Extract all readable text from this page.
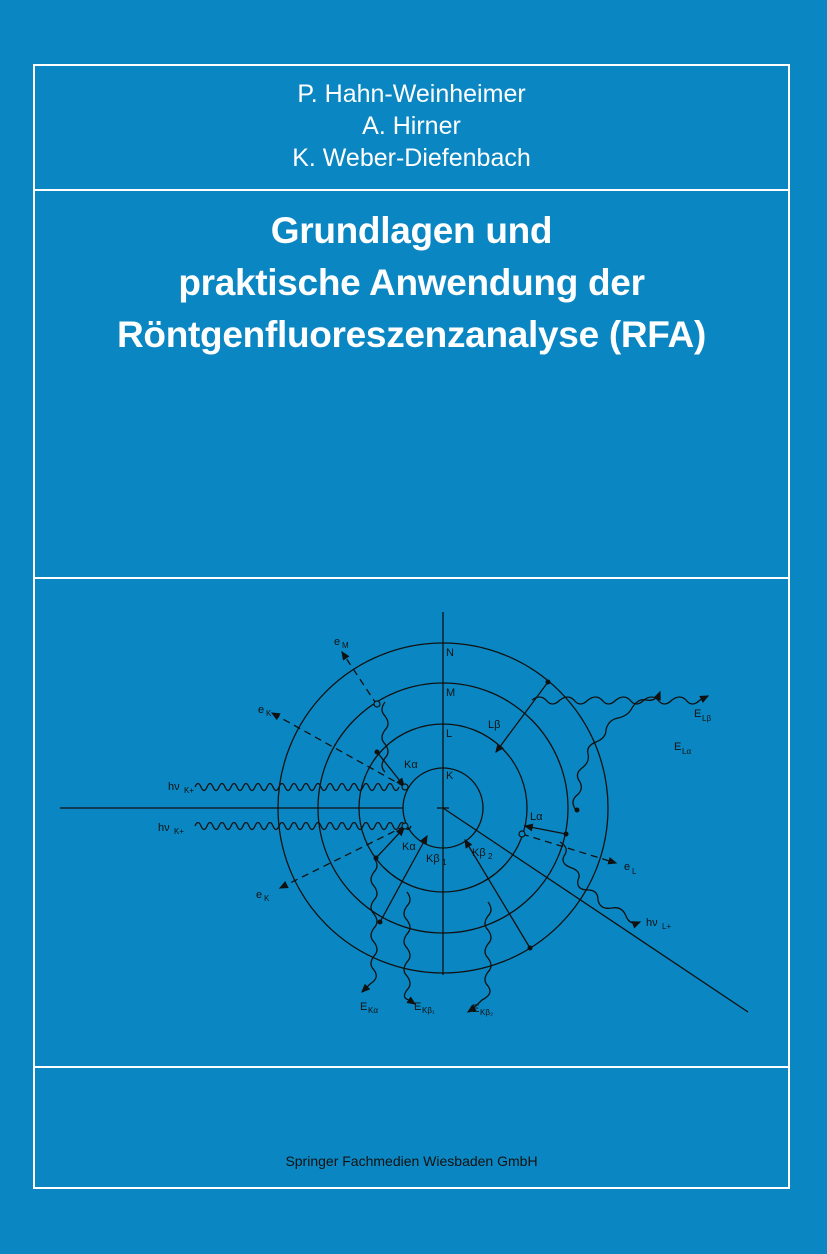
P. Hahn-Weinheimer
A. Hirner
K. Weber-Diefenbach
Grundlagen und
praktische Anwendung der
Röntgenfluoreszenzanalyse (RFA)
K
L
M
N
e M
e K
e K
e L
hν K+
hν K+
hν L+
Kα
Kα
Kβ 1
Kβ 2
Lα
Lβ
E Lβ
E Lα
E Kα	E Kβ₁	E Kβ₂
Springer Fachmedien Wiesbaden GmbH
